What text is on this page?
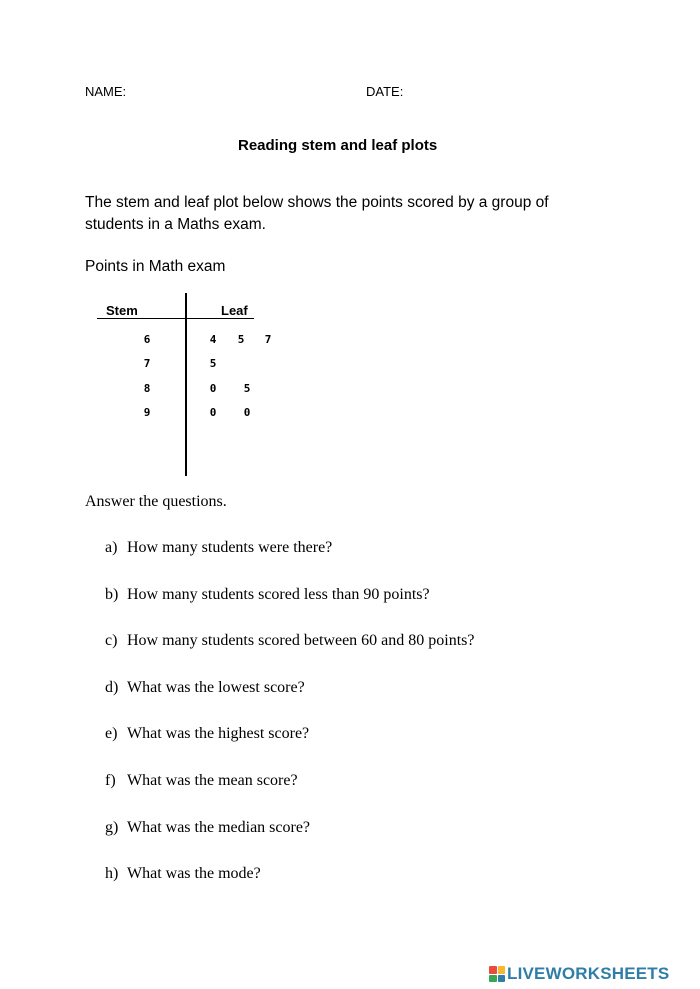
NAME:	DATE:
Reading stem and leaf plots
The stem and leaf plot below shows the points scored by a group of students in a Maths exam.
Points in Math exam
Stem	Leaf
6	4 5 7
7	5
8	0 5
9	0 0
Answer the questions.
a) How many students were there?
b) How many students scored less than 90 points?
c) How many students scored between 60 and 80 points?
d) What was the lowest score?
e) What was the highest score?
f) What was the mean score?
g) What was the median score?
h) What was the mode?
LIVEWORKSHEETS
